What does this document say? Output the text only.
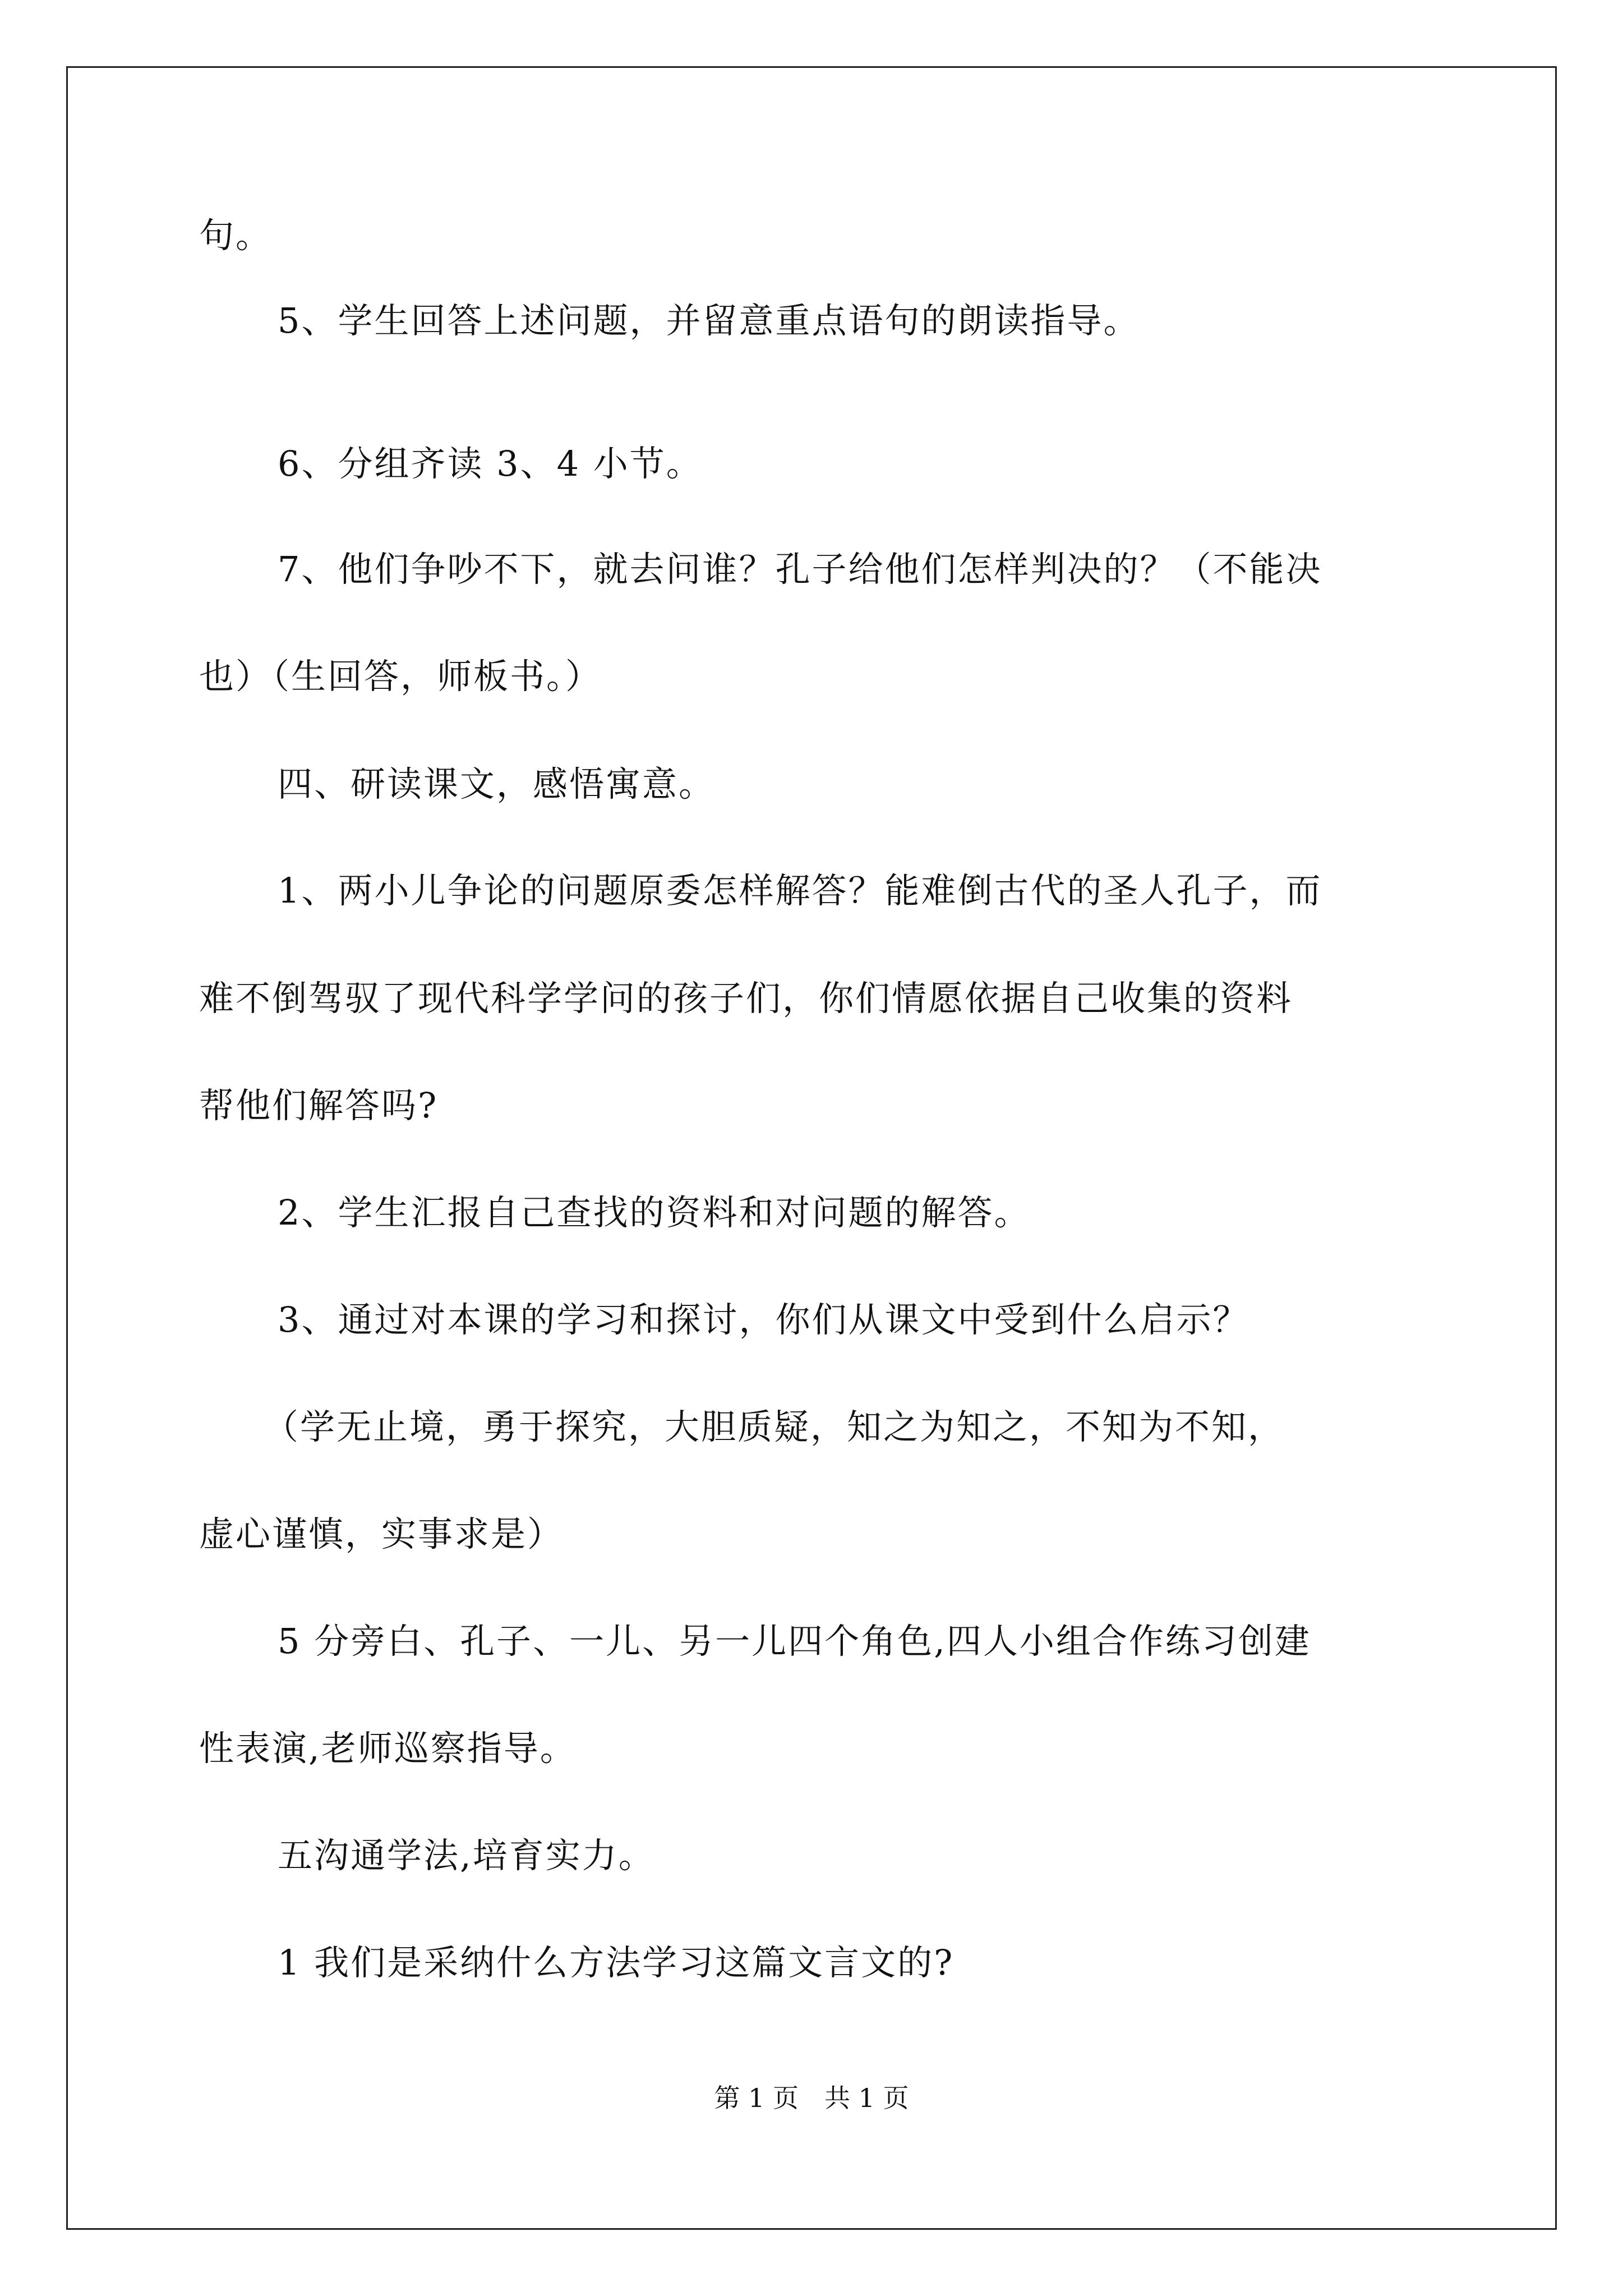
句。
5、学生回答上述问题，并留意重点语句的朗读指导。
6、分组齐读 3、4 小节。
7、他们争吵不下，就去问谁？孔子给他们怎样判决的？（不能决
也）（生回答，师板书。）
四、研读课文，感悟寓意。
1、两小儿争论的问题原委怎样解答？能难倒古代的圣人孔子，而
难不倒驾驭了现代科学学问的孩子们，你们情愿依据自己收集的资料
帮他们解答吗?
2、学生汇报自己查找的资料和对问题的解答。
3、通过对本课的学习和探讨，你们从课文中受到什么启示？
（学无止境，勇于探究，大胆质疑，知之为知之，不知为不知，
虚心谨慎，实事求是）
5 分旁白、孔子、一儿、另一儿四个角色,四人小组合作练习创建
性表演,老师巡察指导。
五沟通学法,培育实力。
1 我们是采纳什么方法学习这篇文言文的?
第 1 页　共 1 页
